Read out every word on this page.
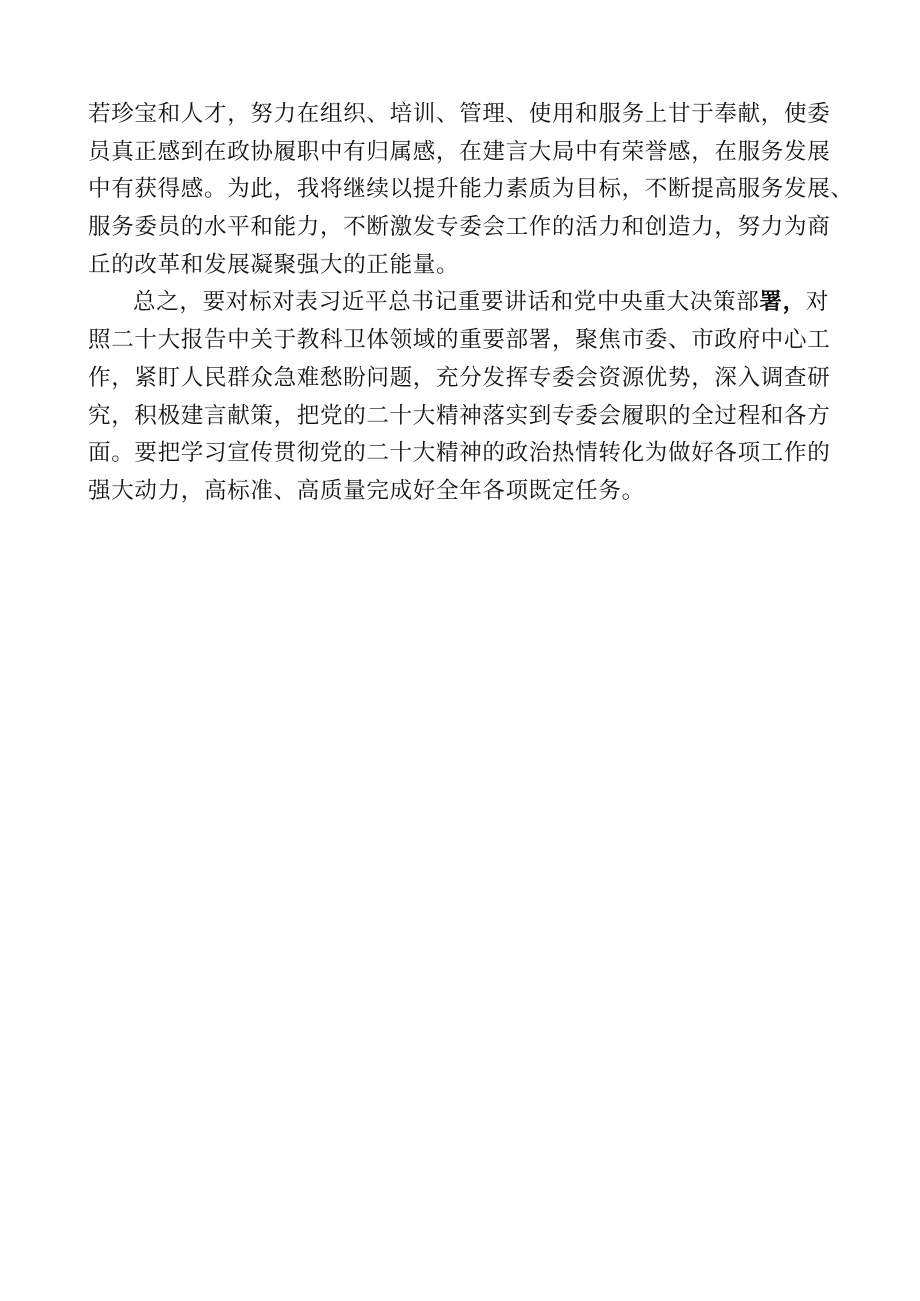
若珍宝和人才，努力在组织、培训、管理、使用和服务上甘于奉献，使委
员真正感到在政协履职中有归属感，在建言大局中有荣誉感，在服务发展
中有获得感。为此，我将继续以提升能力素质为目标，不断提高服务发展、
服务委员的水平和能力，不断激发专委会工作的活力和创造力，努力为商
丘的改革和发展凝聚强大的正能量。
总之，要对标对表习近平总书记重要讲话和党中央重大决策部署，对
照二十大报告中关于教科卫体领域的重要部署，聚焦市委、市政府中心工
作，紧盯人民群众急难愁盼问题，充分发挥专委会资源优势，深入调查研
究，积极建言献策，把党的二十大精神落实到专委会履职的全过程和各方
面。要把学习宣传贯彻党的二十大精神的政治热情转化为做好各项工作的
强大动力，高标准、高质量完成好全年各项既定任务。
